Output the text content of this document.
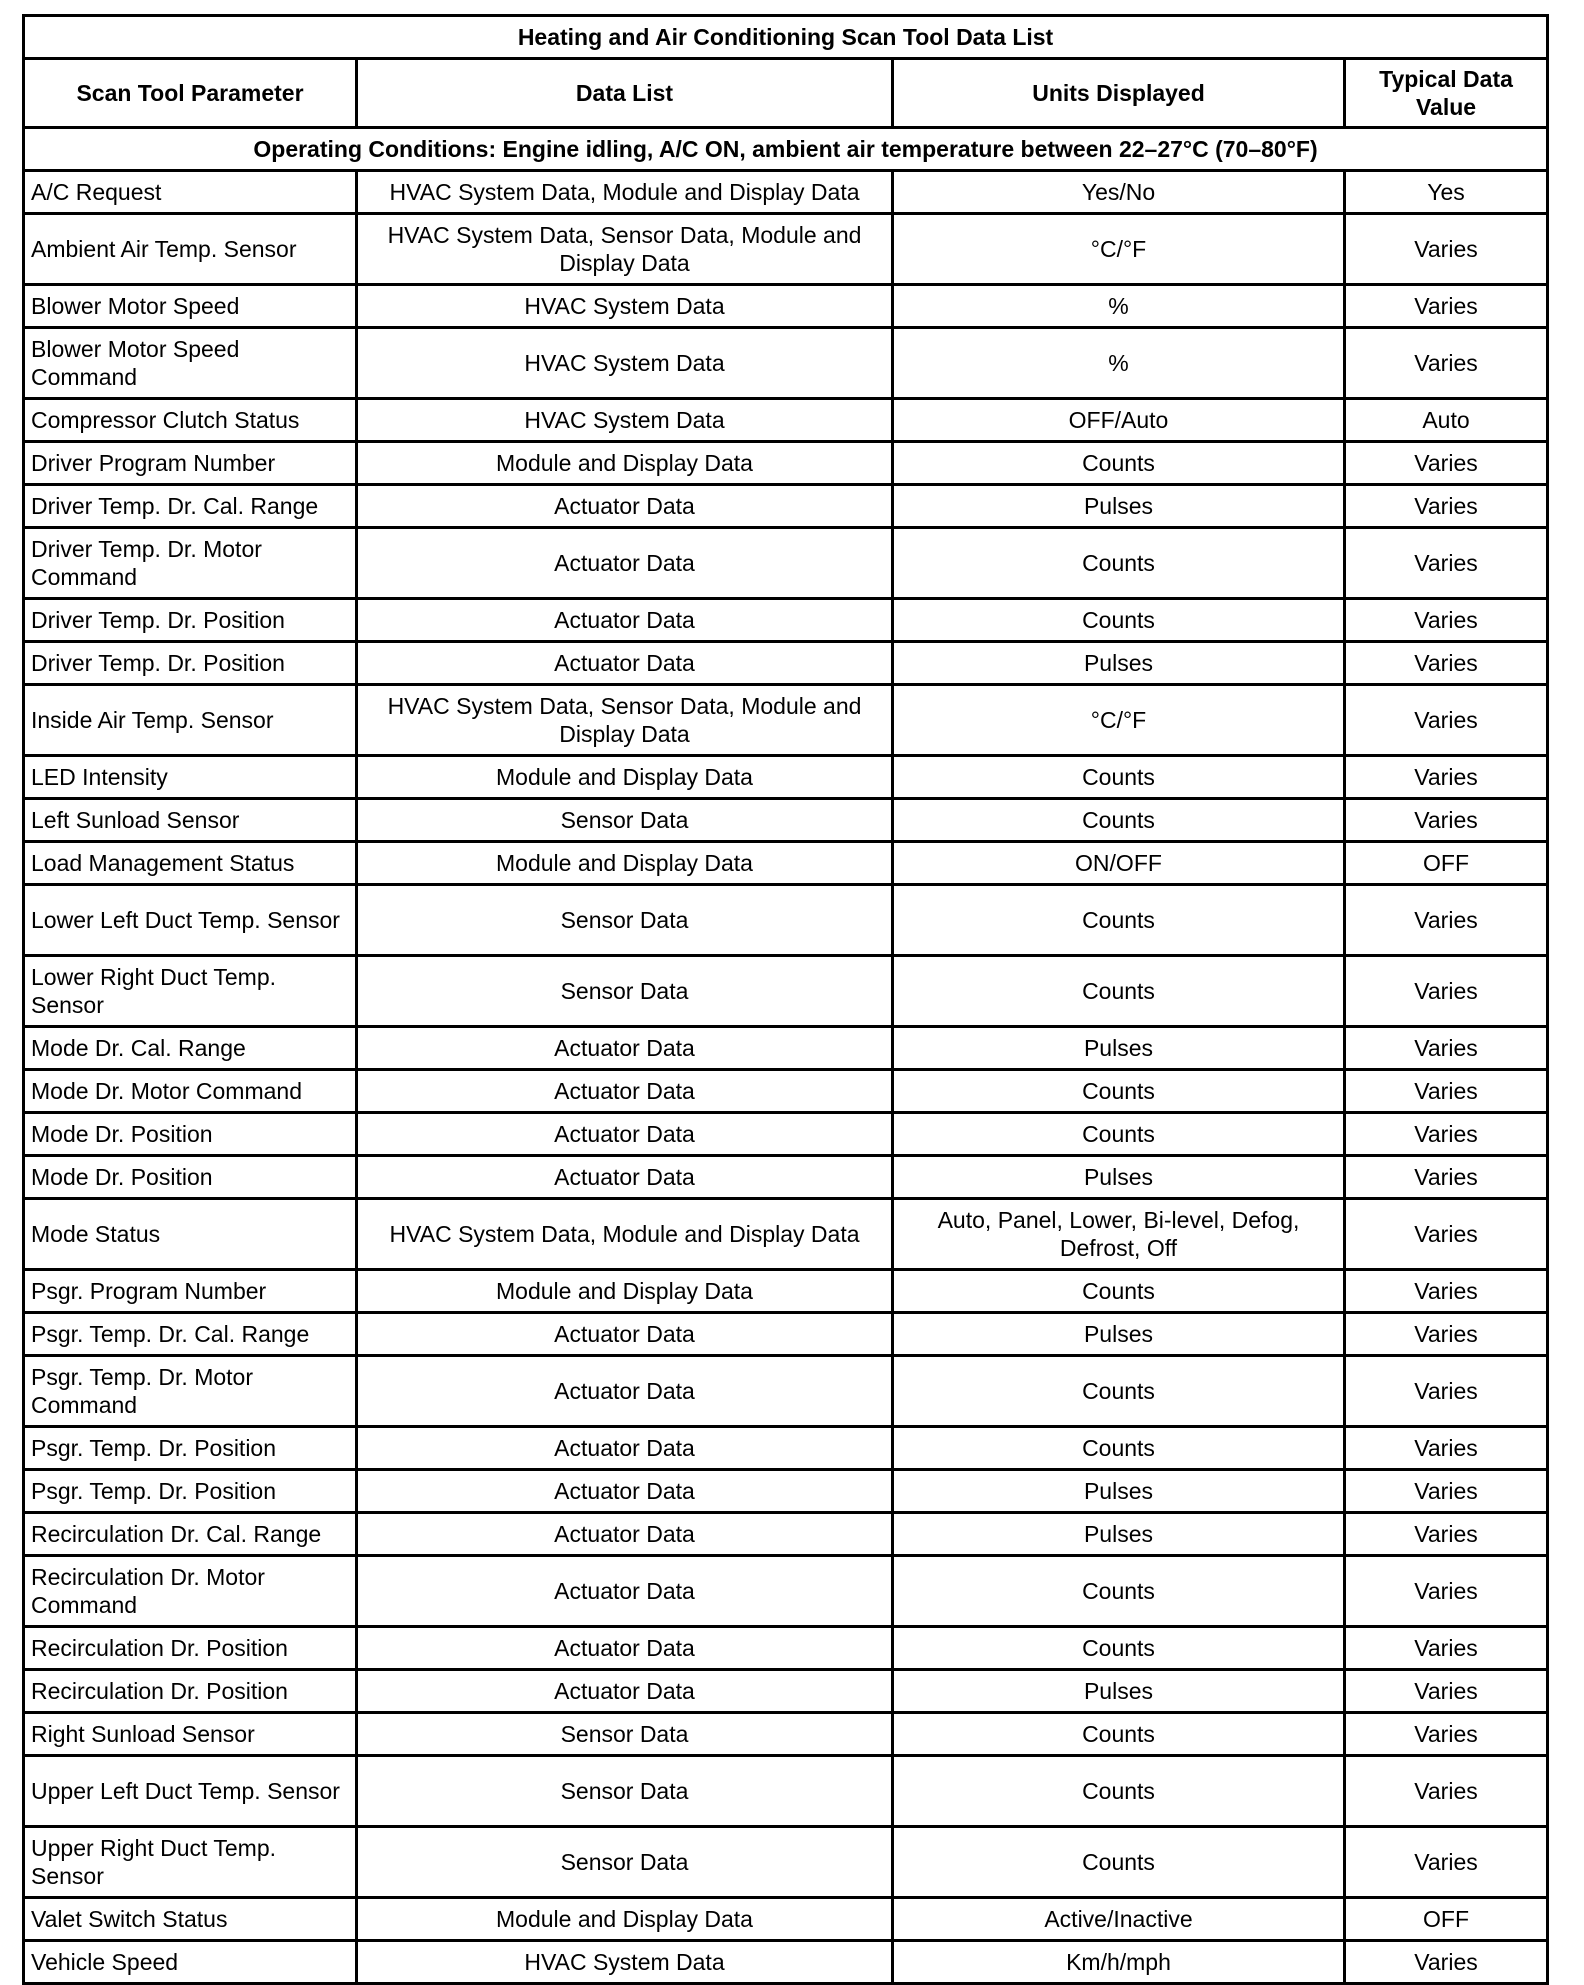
Heating and Air Conditioning Scan Tool Data List			
Scan Tool Parameter	Data List	Units Displayed	Typical Data Value
Operating Conditions: Engine idling, A/C ON, ambient air temperature between 22–27°C (70–80°F)			
A/C Request	HVAC System Data, Module and Display Data	Yes/No	Yes
Ambient Air Temp. Sensor	HVAC System Data, Sensor Data, Module and Display Data	°C/°F	Varies
Blower Motor Speed	HVAC System Data	%	Varies
Blower Motor Speed Command	HVAC System Data	%	Varies
Compressor Clutch Status	HVAC System Data	OFF/Auto	Auto
Driver Program Number	Module and Display Data	Counts	Varies
Driver Temp. Dr. Cal. Range	Actuator Data	Pulses	Varies
Driver Temp. Dr. Motor Command	Actuator Data	Counts	Varies
Driver Temp. Dr. Position	Actuator Data	Counts	Varies
Driver Temp. Dr. Position	Actuator Data	Pulses	Varies
Inside Air Temp. Sensor	HVAC System Data, Sensor Data, Module and Display Data	°C/°F	Varies
LED Intensity	Module and Display Data	Counts	Varies
Left Sunload Sensor	Sensor Data	Counts	Varies
Load Management Status	Module and Display Data	ON/OFF	OFF
Lower Left Duct Temp. Sensor	Sensor Data	Counts	Varies
Lower Right Duct Temp. Sensor	Sensor Data	Counts	Varies
Mode Dr. Cal. Range	Actuator Data	Pulses	Varies
Mode Dr. Motor Command	Actuator Data	Counts	Varies
Mode Dr. Position	Actuator Data	Counts	Varies
Mode Dr. Position	Actuator Data	Pulses	Varies
Mode Status	HVAC System Data, Module and Display Data	Auto, Panel, Lower, Bi-level, Defog, Defrost, Off	Varies
Psgr. Program Number	Module and Display Data	Counts	Varies
Psgr. Temp. Dr. Cal. Range	Actuator Data	Pulses	Varies
Psgr. Temp. Dr. Motor Command	Actuator Data	Counts	Varies
Psgr. Temp. Dr. Position	Actuator Data	Counts	Varies
Psgr. Temp. Dr. Position	Actuator Data	Pulses	Varies
Recirculation Dr. Cal. Range	Actuator Data	Pulses	Varies
Recirculation Dr. Motor Command	Actuator Data	Counts	Varies
Recirculation Dr. Position	Actuator Data	Counts	Varies
Recirculation Dr. Position	Actuator Data	Pulses	Varies
Right Sunload Sensor	Sensor Data	Counts	Varies
Upper Left Duct Temp. Sensor	Sensor Data	Counts	Varies
Upper Right Duct Temp. Sensor	Sensor Data	Counts	Varies
Valet Switch Status	Module and Display Data	Active/Inactive	OFF
Vehicle Speed	HVAC System Data	Km/h/mph	Varies
